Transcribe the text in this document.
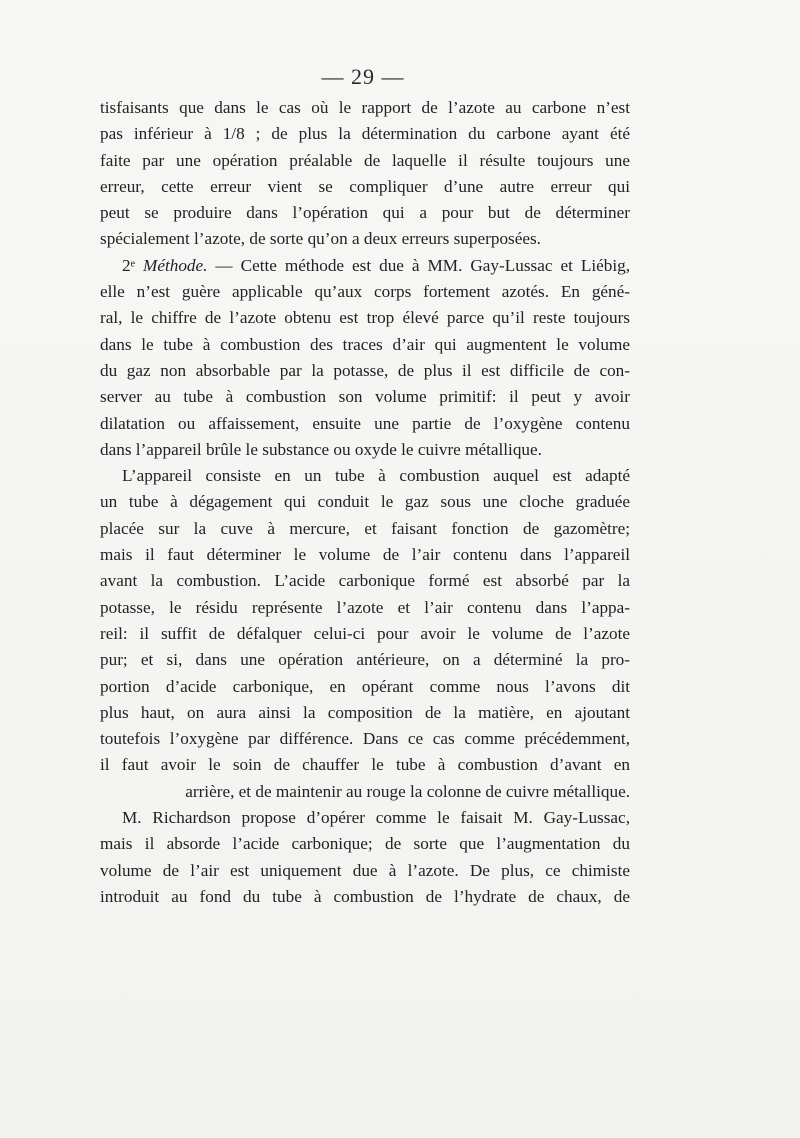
— 29 —
tisfaisants que dans le cas où le rapport de l’azote au carbone n’est
pas inférieur à 1/8 ; de plus la détermination du carbone ayant été
faite par une opération préalable de laquelle il résulte toujours une
erreur, cette erreur vient se compliquer d’une autre erreur qui
peut se produire dans l’opération qui a pour but de déterminer
spécialement l’azote, de sorte qu’on a deux erreurs superposées.
2ᵉ Méthode. — Cette méthode est due à MM. Gay-Lussac et Liébig,
elle n’est guère applicable qu’aux corps fortement azotés. En géné-
ral, le chiffre de l’azote obtenu est trop élevé parce qu’il reste toujours
dans le tube à combustion des traces d’air qui augmentent le volume
du gaz non absorbable par la potasse, de plus il est difficile de con-
server au tube à combustion son volume primitif: il peut y avoir
dilatation ou affaissement, ensuite une partie de l’oxygène contenu
dans l’appareil brûle le substance ou oxyde le cuivre métallique.
L’appareil consiste en un tube à combustion auquel est adapté
un tube à dégagement qui conduit le gaz sous une cloche graduée
placée sur la cuve à mercure, et faisant fonction de gazomètre;
mais il faut déterminer le volume de l’air contenu dans l’appareil
avant la combustion. L’acide carbonique formé est absorbé par la
potasse, le résidu représente l’azote et l’air contenu dans l’appa-
reil: il suffit de défalquer celui-ci pour avoir le volume de l’azote
pur; et si, dans une opération antérieure, on a déterminé la pro-
portion d’acide carbonique, en opérant comme nous l’avons dit
plus haut, on aura ainsi la composition de la matière, en ajoutant
toutefois l’oxygène par différence. Dans ce cas comme précédemment,
il faut avoir le soin de chauffer le tube à combustion d’avant en
arrière, et de maintenir au rouge la colonne de cuivre métallique.
M. Richardson propose d’opérer comme le faisait M. Gay-Lussac,
mais il absorde l’acide carbonique; de sorte que l’augmentation du
volume de l’air est uniquement due à l’azote. De plus, ce chimiste
introduit au fond du tube à combustion de l’hydrate de chaux, de
